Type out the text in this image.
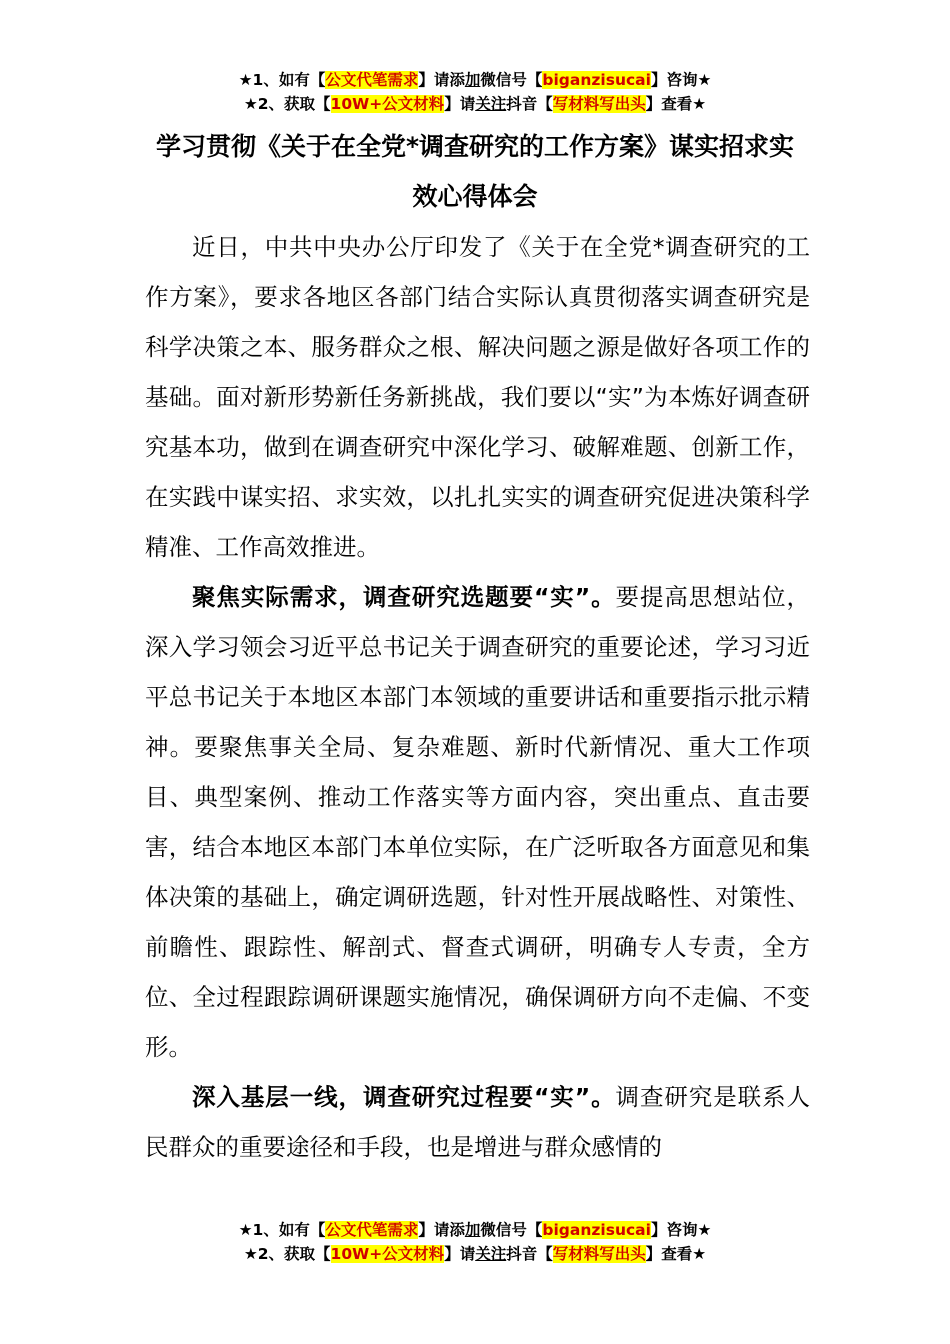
★1、如有【公文代笔需求】请添加微信号【biganzisucai】咨询★
★2、获取【10W+公文材料】请关注抖音【写材料写出头】查看★
学习贯彻《关于在全党*调查研究的工作方案》谋实招求实
效心得体会

近日，中共中央办公厅印发了《关于在全党*调查研究的工作方案》，要求各地区各部门结合实际认真贯彻落实调查研究是科学决策之本、服务群众之根、解决问题之源是做好各项工作的基础。面对新形势新任务新挑战，我们要以“实”为本炼好调查研究基本功，做到在调查研究中深化学习、破解难题、创新工作，在实践中谋实招、求实效，以扎扎实实的调查研究促进决策科学精准、工作高效推进。

聚焦实际需求，调查研究选题要“实”。要提高思想站位，深入学习领会习近平总书记关于调查研究的重要论述，学习习近平总书记关于本地区本部门本领域的重要讲话和重要指示批示精神。要聚焦事关全局、复杂难题、新时代新情况、重大工作项目、典型案例、推动工作落实等方面内容，突出重点、直击要害，结合本地区本部门本单位实际，在广泛听取各方面意见和集体决策的基础上，确定调研选题，针对性开展战略性、对策性、前瞻性、跟踪性、解剖式、督查式调研，明确专人专责，全方位、全过程跟踪调研课题实施情况，确保调研方向不走偏、不变形。

深入基层一线，调查研究过程要“实”。调查研究是联系人民群众的重要途径和手段，也是增进与群众感情的

★1、如有【公文代笔需求】请添加微信号【biganzisucai】咨询★
★2、获取【10W+公文材料】请关注抖音【写材料写出头】查看★
